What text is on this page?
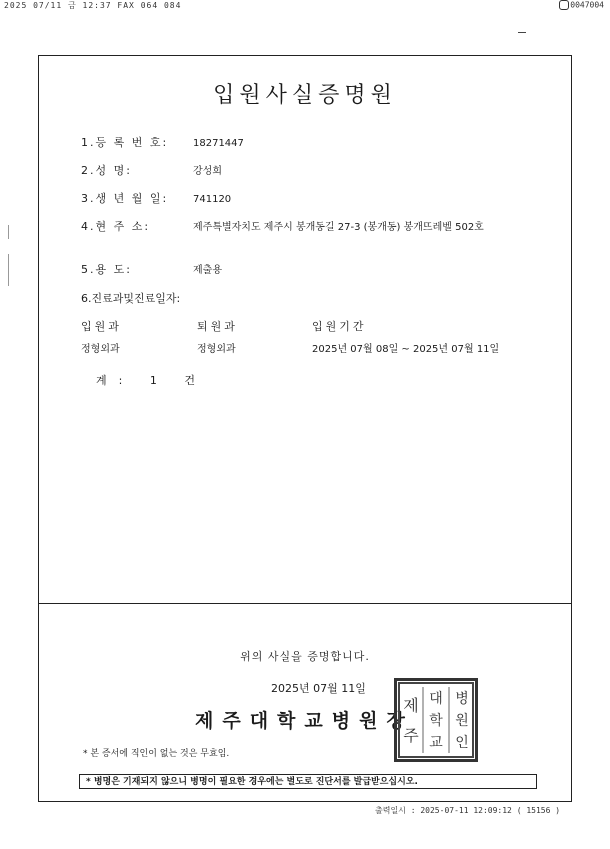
2025 07/11 금 12:37 FAX 064 084	0047004
입원사실증명원
1.등 록 번 호: 18271447
2.성 명:	강성희
3.생 년 월 일: 741120
4.현 주 소:	제주특별자치도 제주시 봉개동길 27-3 (봉개동) 봉개뜨레벨 502호
5.용 도:	제출용
6.진료과및진료일자:
입원과	퇴원과	입원기간
정형외과	정형외과	2025년 07월 08일 ~ 2025년 07월 11일
계: 1 건
위의 사실을 증명합니다.
2025년 07월 11일
제주대학교병원장
제
주
대
학
교
병
원
인
* 본 증서에 직인이 없는 것은 무효임.
* 병명은 기재되지 않으니 병명이 필요한 경우에는 별도로 진단서를 발급받으십시오.
출력일시 : 2025-07-11 12:09:12 ( 15156 )
